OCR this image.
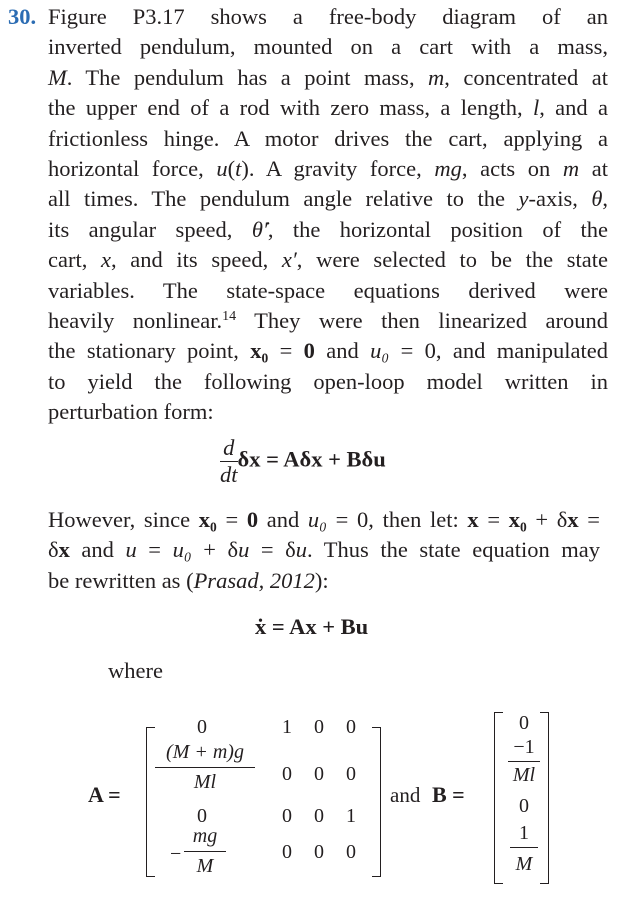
30. Figure P3.17 shows a free-body diagram of an
inverted pendulum, mounted on a cart with a mass,
M. The pendulum has a point mass, m, concentrated at
the upper end of a rod with zero mass, a length, l, and a
frictionless hinge. A motor drives the cart, applying a
horizontal force, u(t). A gravity force, mg, acts on m at
all times. The pendulum angle relative to the y-axis, θ,
its angular speed, θ̇′, the horizontal position of the
cart, x, and its speed, x′, were selected to be the state
variables. The state-space equations derived were
heavily nonlinear.$^{14}$ They were then linearized around
the stationary point, x₀ = 0 and u₀ = 0, and manipulated
to yield the following open-loop model written in
perturbation form:
$\frac{d}{dt}$ δx = Aδx + Bδu
However, since x₀ = 0 and u₀ = 0, then let: x = x₀ + δx =
δx and u = u₀ + δu = δu. Thus the state equation may
be rewritten as (Prasad, 2012):
ẋ = Ax + Bu
where
A =
0
(M + m)g
Ml
0
−
mg
M
1 0 0
0 0 0
0 0 1
0 0 0
and B =
0
−1
Ml
0
1
M
